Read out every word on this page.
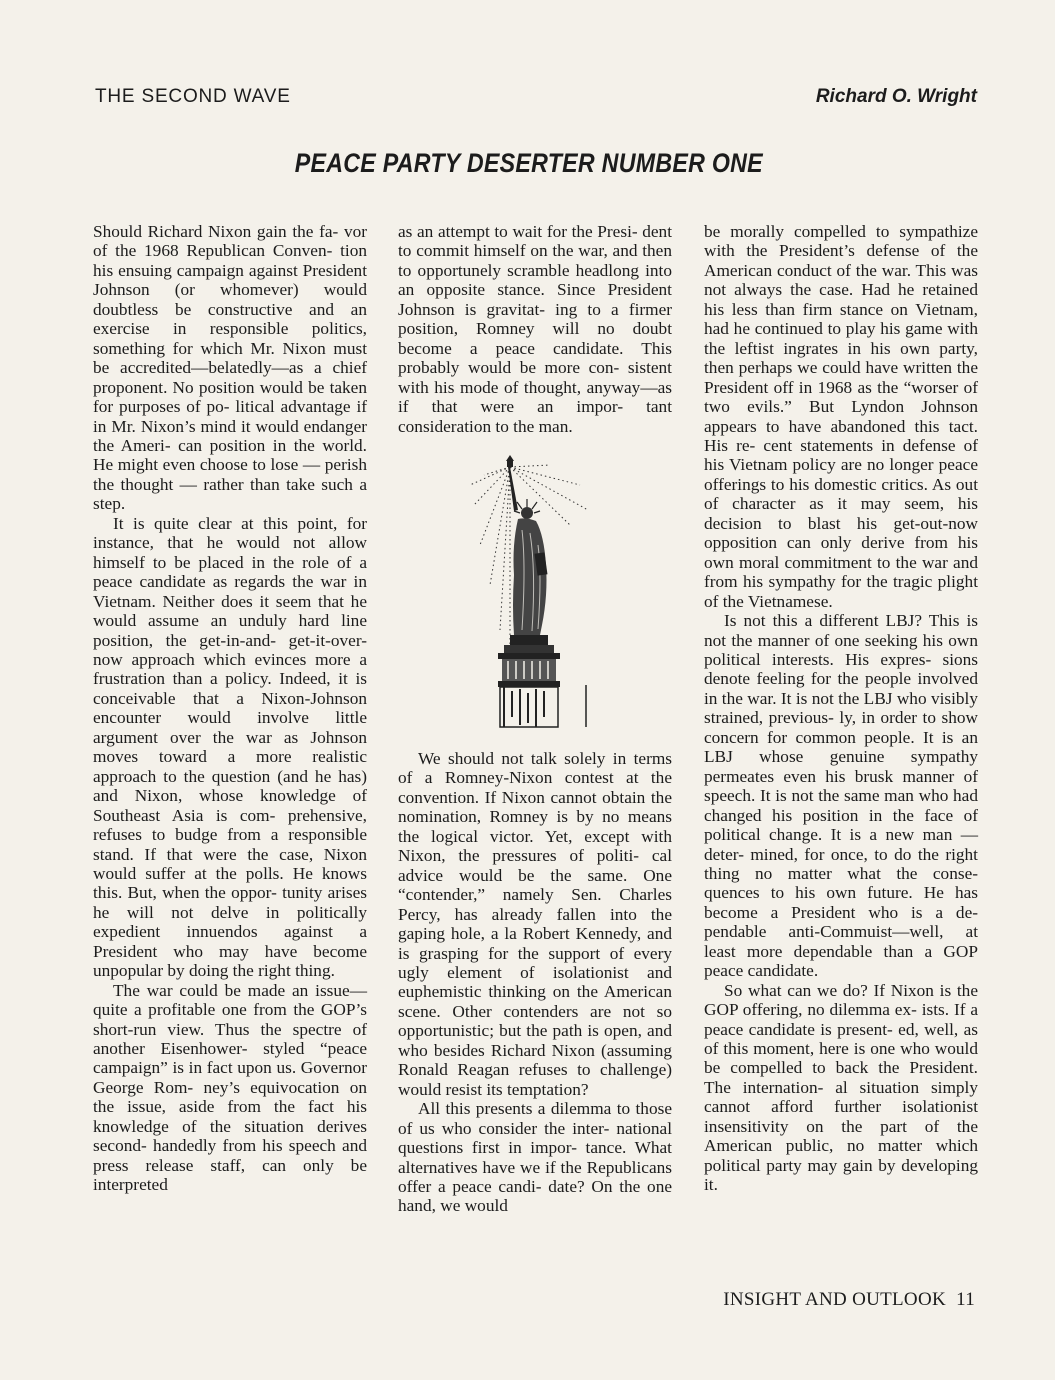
THE SECOND WAVE	Richard O. Wright
PEACE PARTY DESERTER NUMBER ONE

Should Richard Nixon gain the fa- vor of the 1968 Republican Conven- tion his ensuing campaign against President Johnson (or whomever) would doubtless be constructive and an exercise in responsible politics, something for which Mr. Nixon must be accredited—belatedly—as a chief proponent. No position would be taken for purposes of po- litical advantage if in Mr. Nixon’s mind it would endanger the Ameri- can position in the world. He might even choose to lose — perish the thought — rather than take such a step.

It is quite clear at this point, for instance, that he would not allow himself to be placed in the role of a peace candidate as regards the war in Vietnam. Neither does it seem that he would assume an unduly hard line position, the get-in-and- get-it-over-now approach which evinces more a frustration than a policy. Indeed, it is conceivable that a Nixon-Johnson encounter would involve little argument over the war as Johnson moves toward a more realistic approach to the question (and he has) and Nixon, whose knowledge of Southeast Asia is com- prehensive, refuses to budge from a responsible stand. If that were the case, Nixon would suffer at the polls. He knows this. But, when the oppor- tunity arises he will not delve in politically expedient innuendos against a President who may have become unpopular by doing the right thing.

The war could be made an issue— quite a profitable one from the GOP’s short-run view. Thus the spectre of another Eisenhower- styled “peace campaign” is in fact upon us. Governor George Rom- ney’s equivocation on the issue, aside from the fact his knowledge of the situation derives second- handedly from his speech and press release staff, can only be interpreted

as an attempt to wait for the Presi- dent to commit himself on the war, and then to opportunely scramble headlong into an opposite stance. Since President Johnson is gravitat- ing to a firmer position, Romney will no doubt become a peace candidate. This probably would be more con- sistent with his mode of thought, anyway—as if that were an impor- tant consideration to the man.

We should not talk solely in terms of a Romney-Nixon contest at the convention. If Nixon cannot obtain the nomination, Romney is by no means the logical victor. Yet, except with Nixon, the pressures of politi- cal advice would be the same. One “contender,” namely Sen. Charles Percy, has already fallen into the gaping hole, a la Robert Kennedy, and is grasping for the support of every ugly element of isolationist and euphemistic thinking on the American scene. Other contenders are not so opportunistic; but the path is open, and who besides Richard Nixon (assuming Ronald Reagan refuses to challenge) would resist its temptation?

All this presents a dilemma to those of us who consider the inter- national questions first in impor- tance. What alternatives have we if the Republicans offer a peace candi- date? On the one hand, we would

be morally compelled to sympathize with the President’s defense of the American conduct of the war. This was not always the case. Had he retained his less than firm stance on Vietnam, had he continued to play his game with the leftist ingrates in his own party, then perhaps we could have written the President off in 1968 as the “worser of two evils.” But Lyndon Johnson appears to have abandoned this tact. His re- cent statements in defense of his Vietnam policy are no longer peace offerings to his domestic critics. As out of character as it may seem, his decision to blast his get-out-now opposition can only derive from his own moral commitment to the war and from his sympathy for the tragic plight of the Vietnamese.

Is not this a different LBJ? This is not the manner of one seeking his own political interests. His expres- sions denote feeling for the people involved in the war. It is not the LBJ who visibly strained, previous- ly, in order to show concern for common people. It is an LBJ whose genuine sympathy permeates even his brusk manner of speech. It is not the same man who had changed his position in the face of political change. It is a new man — deter- mined, for once, to do the right thing no matter what the conse- quences to his own future. He has become a President who is a de- pendable anti-Commuist—well, at least more dependable than a GOP peace candidate.

So what can we do? If Nixon is the GOP offering, no dilemma ex- ists. If a peace candidate is present- ed, well, as of this moment, here is one who would be compelled to back the President. The internation- al situation simply cannot afford further isolationist insensitivity on the part of the American public, no matter which political party may gain by developing it.

INSIGHT AND OUTLOOK 11
